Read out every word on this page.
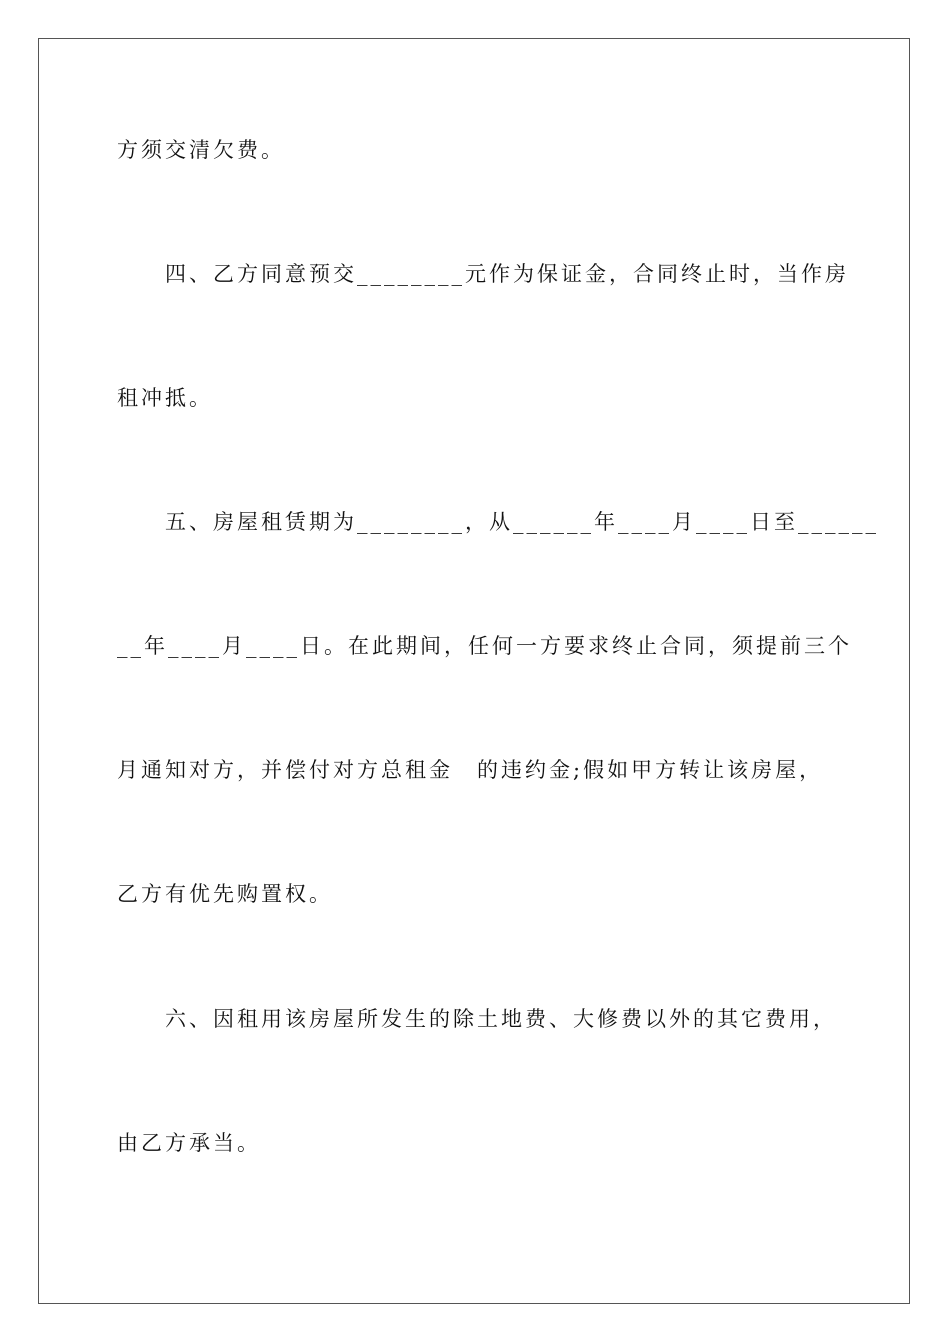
方须交清欠费。
四、乙方同意预交________元作为保证金，合同终止时，当作房
租冲抵。
五、房屋租赁期为________，从______年____月____日至______
__年____月____日。在此期间，任何一方要求终止合同，须提前三个
月通知对方，并偿付对方总租金　的违约金;假如甲方转让该房屋，
乙方有优先购置权。
六、因租用该房屋所发生的除土地费、大修费以外的其它费用，
由乙方承当。
